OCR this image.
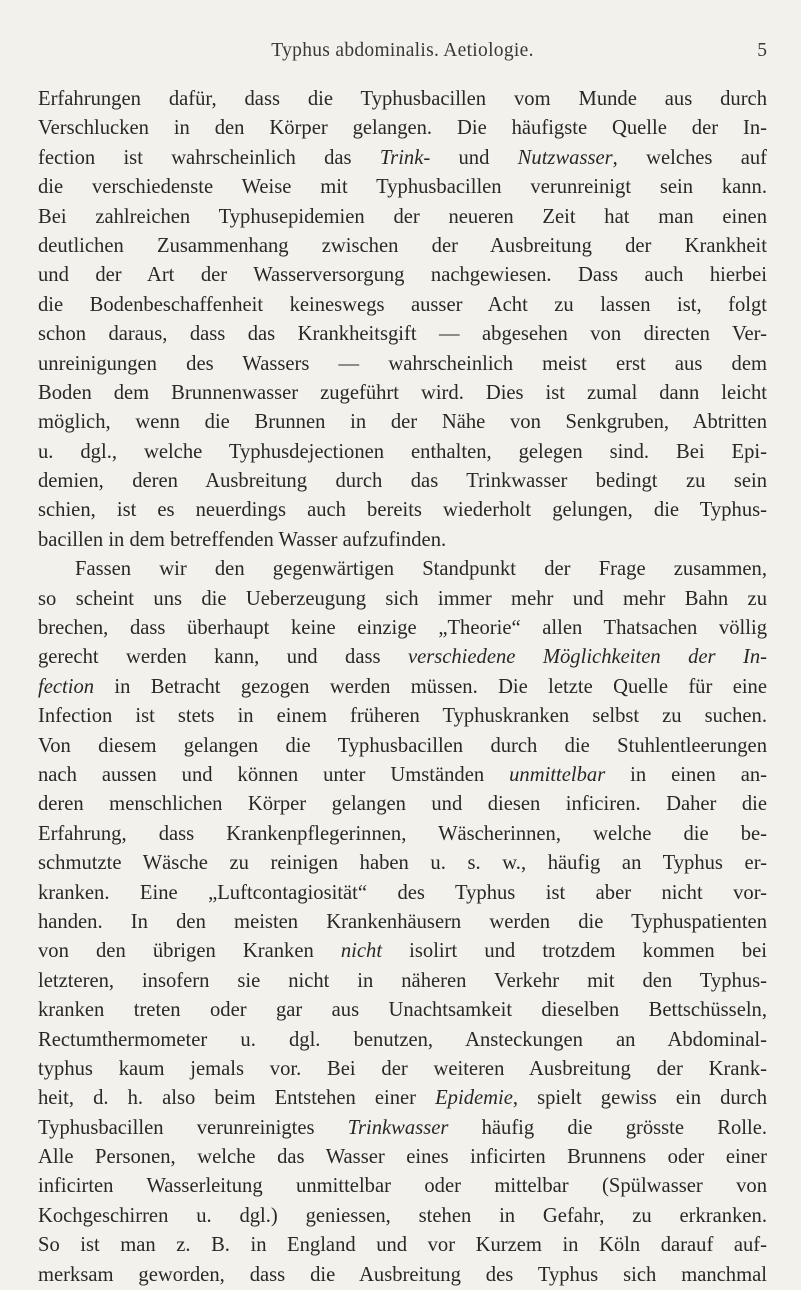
Typhus abdominalis. Aetiologie.	5
Erfahrungen dafür, dass die Typhusbacillen vom Munde aus durch
Verschlucken in den Körper gelangen. Die häufigste Quelle der In-
fection ist wahrscheinlich das Trink- und Nutzwasser, welches auf
die verschiedenste Weise mit Typhusbacillen verunreinigt sein kann.
Bei zahlreichen Typhusepidemien der neueren Zeit hat man einen
deutlichen Zusammenhang zwischen der Ausbreitung der Krankheit
und der Art der Wasserversorgung nachgewiesen. Dass auch hierbei
die Bodenbeschaffenheit keineswegs ausser Acht zu lassen ist, folgt
schon daraus, dass das Krankheitsgift — abgesehen von directen Ver-
unreinigungen des Wassers — wahrscheinlich meist erst aus dem
Boden dem Brunnenwasser zugeführt wird. Dies ist zumal dann leicht
möglich, wenn die Brunnen in der Nähe von Senkgruben, Abtritten
u. dgl., welche Typhusdejectionen enthalten, gelegen sind. Bei Epi-
demien, deren Ausbreitung durch das Trinkwasser bedingt zu sein
schien, ist es neuerdings auch bereits wiederholt gelungen, die Typhus-
bacillen in dem betreffenden Wasser aufzufinden.
Fassen wir den gegenwärtigen Standpunkt der Frage zusammen,
so scheint uns die Ueberzeugung sich immer mehr und mehr Bahn zu
brechen, dass überhaupt keine einzige „Theorie“ allen Thatsachen völlig
gerecht werden kann, und dass verschiedene Möglichkeiten der In-
fection in Betracht gezogen werden müssen. Die letzte Quelle für eine
Infection ist stets in einem früheren Typhuskranken selbst zu suchen.
Von diesem gelangen die Typhusbacillen durch die Stuhlentleerungen
nach aussen und können unter Umständen unmittelbar in einen an-
deren menschlichen Körper gelangen und diesen inficiren. Daher die
Erfahrung, dass Krankenpflegerinnen, Wäscherinnen, welche die be-
schmutzte Wäsche zu reinigen haben u. s. w., häufig an Typhus er-
kranken. Eine „Luftcontagiosität“ des Typhus ist aber nicht vor-
handen. In den meisten Krankenhäusern werden die Typhuspatienten
von den übrigen Kranken nicht isolirt und trotzdem kommen bei
letzteren, insofern sie nicht in näheren Verkehr mit den Typhus-
kranken treten oder gar aus Unachtsamkeit dieselben Bettschüsseln,
Rectumthermometer u. dgl. benutzen, Ansteckungen an Abdominal-
typhus kaum jemals vor. Bei der weiteren Ausbreitung der Krank-
heit, d. h. also beim Entstehen einer Epidemie, spielt gewiss ein durch
Typhusbacillen verunreinigtes Trinkwasser häufig die grösste Rolle.
Alle Personen, welche das Wasser eines inficirten Brunnens oder einer
inficirten Wasserleitung unmittelbar oder mittelbar (Spülwasser von
Kochgeschirren u. dgl.) geniessen, stehen in Gefahr, zu erkranken.
So ist man z. B. in England und vor Kurzem in Köln darauf auf-
merksam geworden, dass die Ausbreitung des Typhus sich manchmal
